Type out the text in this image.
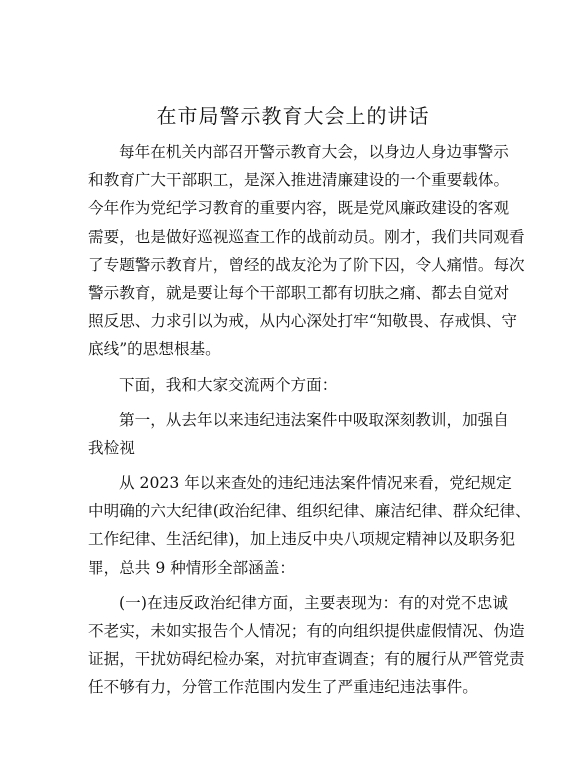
在市局警示教育大会上的讲话
每年在机关内部召开警示教育大会，以身边人身边事警示
和教育广大干部职工，是深入推进清廉建设的一个重要载体。
今年作为党纪学习教育的重要内容，既是党风廉政建设的客观
需要，也是做好巡视巡查工作的战前动员。刚才，我们共同观看
了专题警示教育片，曾经的战友沦为了阶下囚，令人痛惜。每次
警示教育，就是要让每个干部职工都有切肤之痛、都去自觉对
照反思、力求引以为戒，从内心深处打牢“知敬畏、存戒惧、守
底线”的思想根基。
下面，我和大家交流两个方面：
第一，从去年以来违纪违法案件中吸取深刻教训，加强自
我检视
从 2023 年以来查处的违纪违法案件情况来看，党纪规定
中明确的六大纪律(政治纪律、组织纪律、廉洁纪律、群众纪律、
工作纪律、生活纪律)，加上违反中央八项规定精神以及职务犯
罪，总共 9 种情形全部涵盖：
(一)在违反政治纪律方面，主要表现为：有的对党不忠诚
不老实，未如实报告个人情况；有的向组织提供虚假情况、伪造
证据，干扰妨碍纪检办案，对抗审查调查；有的履行从严管党责
任不够有力，分管工作范围内发生了严重违纪违法事件。
